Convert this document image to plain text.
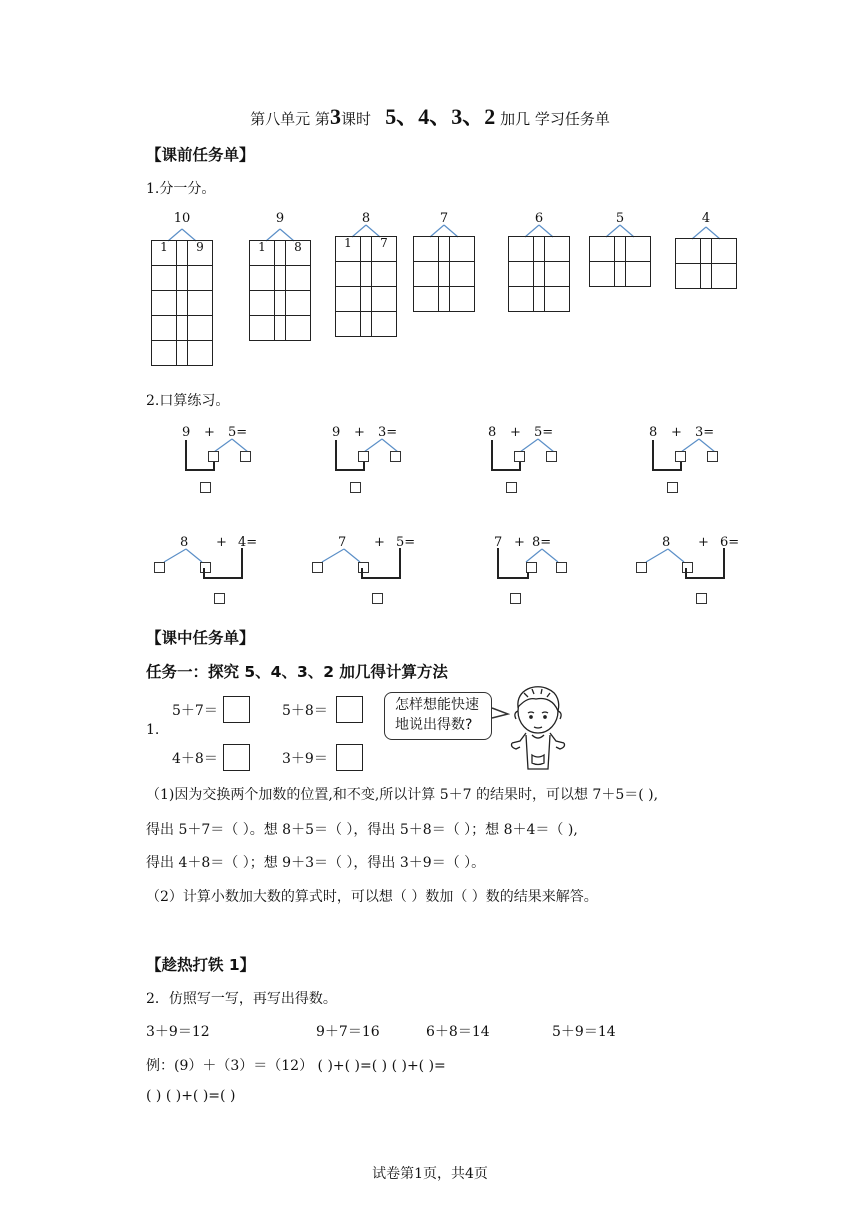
第八单元 第3课时 5、4、3、2 加几 学习任务单
【课前任务单】
1.分一分。
10
1		9

9
1		8

8
1		7

7

			6

			5

			4

2.口算练习。
9 + 5=	9 + 3=	8 + 5=	8 + 3=
8 + 4=	7 + 5=	7 + 8=	8 + 6=
【课中任务单】
任务一：探究 5、4、3、2 加几得计算方法
1.
5＋7＝	5＋8＝
4＋8＝	3＋9＝
怎样想能快速
地说出得数?
（1)因为交换两个加数的位置,和不变,所以计算 5＋7 的结果时，可以想 7＋5＝( ),
得出 5＋7＝（ ）。想 8＋5＝（ ），得出 5＋8＝（ ）；想 8＋4＝（ ),
得出 4＋8＝（ ）；想 9＋3＝（ ），得出 3＋9＝（ ）。
（2）计算小数加大数的算式时，可以想（ ）数加（ ）数的结果来解答。
【趁热打铁 1】
2．仿照写一写，再写出得数。
3＋9＝12	9＋7＝16	6＋8＝14	5＋9＝14
例：(9）＋（3）＝（12） ( )+( )=( ) ( )+( )=
( ) ( )+( )=( )
试卷第1页，共4页
